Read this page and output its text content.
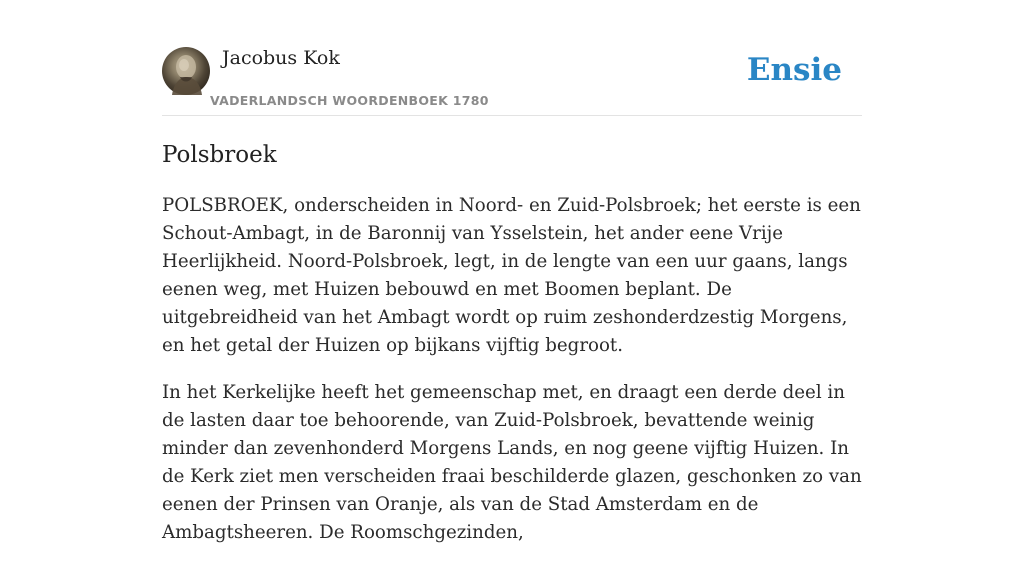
Jacobus Kok
VADERLANDSCH WOORDENBOEK 1780
Ensie
Polsbroek

POLSBROEK, onderscheiden in Noord- en Zuid-Polsbroek; het eerste is een Schout-Ambagt, in de Baronnij van Ysselstein, het ander eene Vrije Heerlijkheid. Noord-Polsbroek, legt, in de lengte van een uur gaans, langs eenen weg, met Huizen bebouwd en met Boomen beplant. De uitgebreidheid van het Ambagt wordt op ruim zeshonderdzestig Morgens, en het getal der Huizen op bijkans vijftig begroot.

In het Kerkelijke heeft het gemeenschap met, en draagt een derde deel in de lasten daar toe behoorende, van Zuid-Polsbroek, bevattende weinig minder dan zevenhonderd Morgens Lands, en nog geene vijftig Huizen. In de Kerk ziet men verscheiden fraai beschilderde glazen, geschonken zo van eenen der Prinsen van Oranje, als van de Stad Amsterdam en de Ambagtsheeren. De Roomschgezinden,
